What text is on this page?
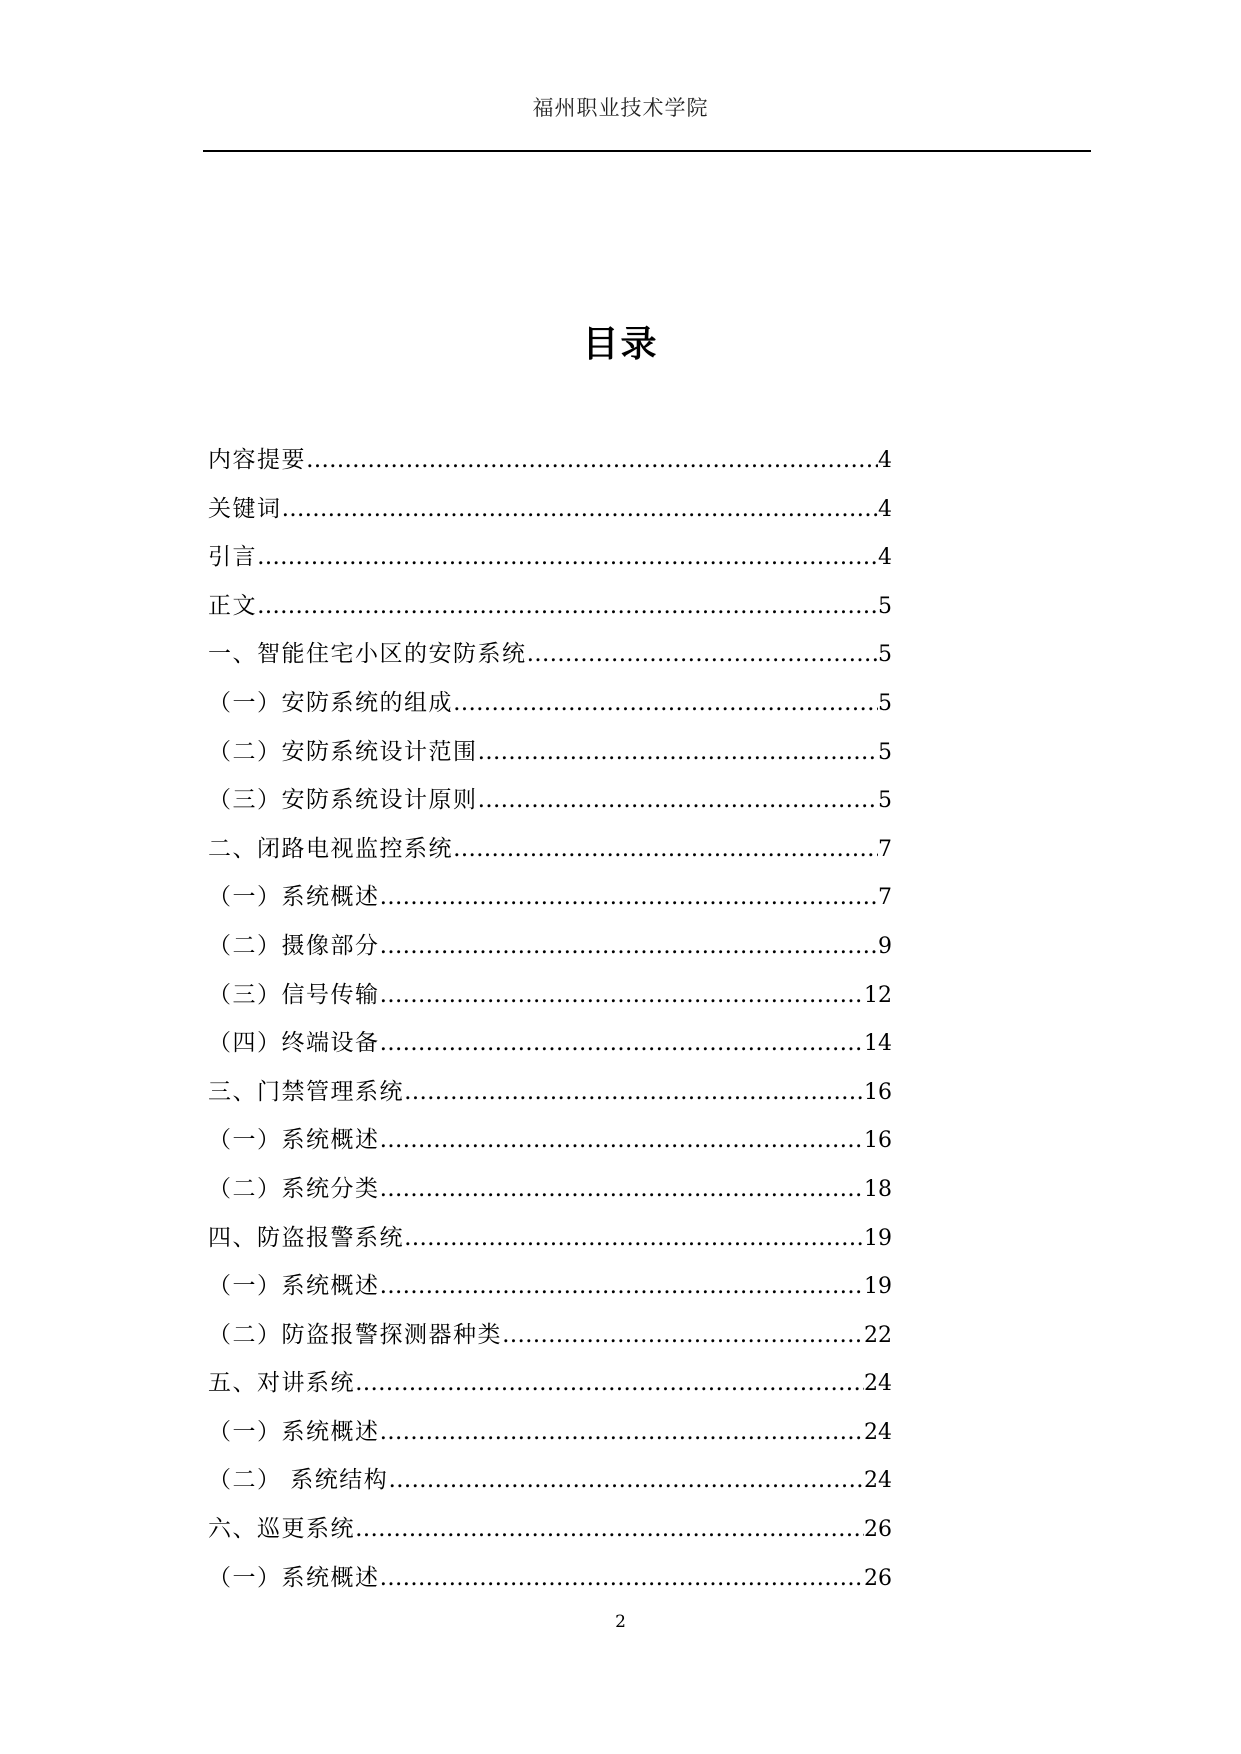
福州职业技术学院
目录
内容提要 …………………………………………………………………………………………………………………………………………	4
关键词 …………………………………………………………………………………………………………………………………………	4
引言 …………………………………………………………………………………………………………………………………………	4
正文 …………………………………………………………………………………………………………………………………………	5
一、智能住宅小区的安防系统 …………………………………………………………………………………………………………………………………………	5
（一）安防系统的组成 …………………………………………………………………………………………………………………………………………	5
（二）安防系统设计范围 …………………………………………………………………………………………………………………………………………	5
（三）安防系统设计原则 …………………………………………………………………………………………………………………………………………	5
二、闭路电视监控系统 …………………………………………………………………………………………………………………………………………	7
（一）系统概述 …………………………………………………………………………………………………………………………………………	7
（二）摄像部分 …………………………………………………………………………………………………………………………………………	9
（三）信号传输 …………………………………………………………………………………………………………………………………………	12
（四）终端设备 …………………………………………………………………………………………………………………………………………	14
三、门禁管理系统 …………………………………………………………………………………………………………………………………………	16
（一）系统概述 …………………………………………………………………………………………………………………………………………	16
（二）系统分类 …………………………………………………………………………………………………………………………………………	18
四、防盗报警系统 …………………………………………………………………………………………………………………………………………	19
（一）系统概述 …………………………………………………………………………………………………………………………………………	19
（二）防盗报警探测器种类 …………………………………………………………………………………………………………………………………………	22
五、对讲系统 …………………………………………………………………………………………………………………………………………	24
（一）系统概述 …………………………………………………………………………………………………………………………………………	24
（二） 系统结构 …………………………………………………………………………………………………………………………………………	24
六、巡更系统 …………………………………………………………………………………………………………………………………………	26
（一）系统概述 …………………………………………………………………………………………………………………………………………	26
2
